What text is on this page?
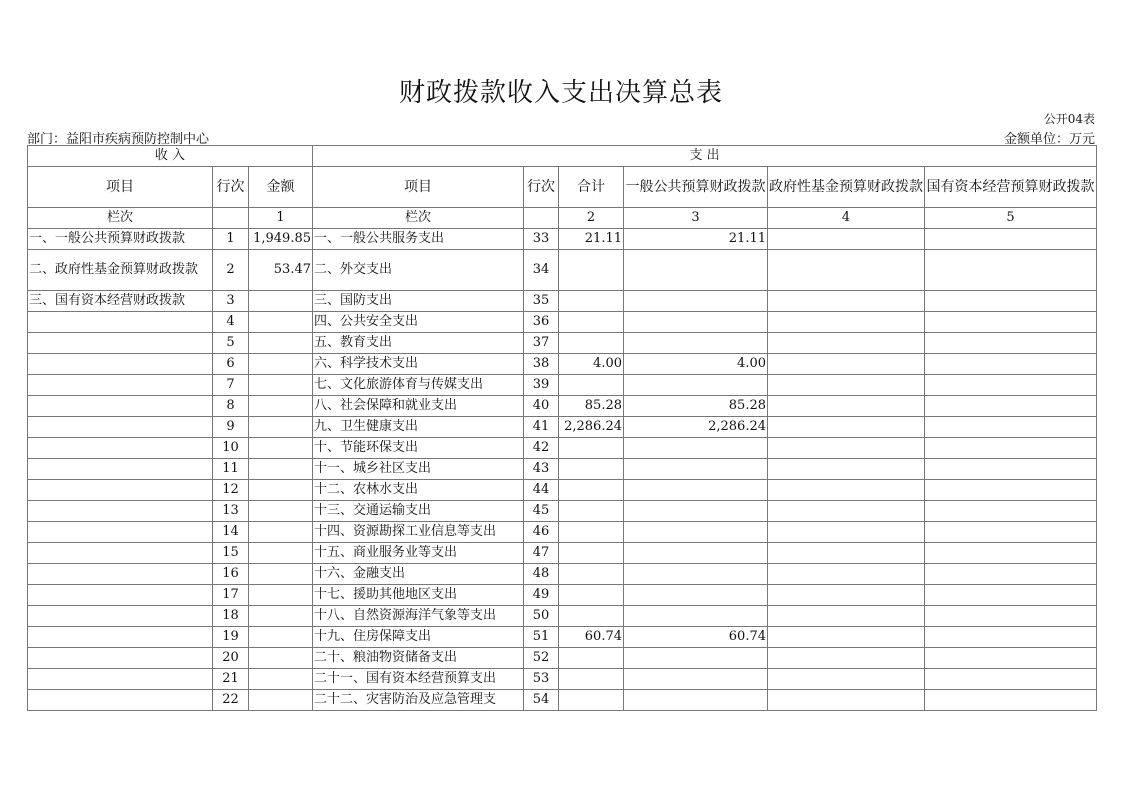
财政拨款收入支出决算总表
公开04表
部门：益阳市疾病预防控制中心	金额单位：万元
收 入			支 出					
项目	行次	金额	项目	行次	合计	一般公共预算财政拨款	政府性基金预算财政拨款	国有资本经营预算财政拨款
栏次		1	栏次		2	3	4	5
一、一般公共预算财政拨款	1	1,949.85	一、一般公共服务支出	33	21.11	21.11		
二、政府性基金预算财政拨款	2	53.47	二、外交支出	34				
三、国有资本经营财政拨款	3		三、国防支出	35				
	4		四、公共安全支出	36				
	5		五、教育支出	37				
	6		六、科学技术支出	38	4.00	4.00		
	7		七、文化旅游体育与传媒支出	39				
	8		八、社会保障和就业支出	40	85.28	85.28		
	9		九、卫生健康支出	41	2,286.24	2,286.24		
	10		十、节能环保支出	42				
	11		十一、城乡社区支出	43				
	12		十二、农林水支出	44				
	13		十三、交通运输支出	45				
	14		十四、资源勘探工业信息等支出	46				
	15		十五、商业服务业等支出	47				
	16		十六、金融支出	48				
	17		十七、援助其他地区支出	49				
	18		十八、自然资源海洋气象等支出	50				
	19		十九、住房保障支出	51	60.74	60.74		
	20		二十、粮油物资储备支出	52				
	21		二十一、国有资本经营预算支出	53				
	22		二十二、灾害防治及应急管理支	54				
